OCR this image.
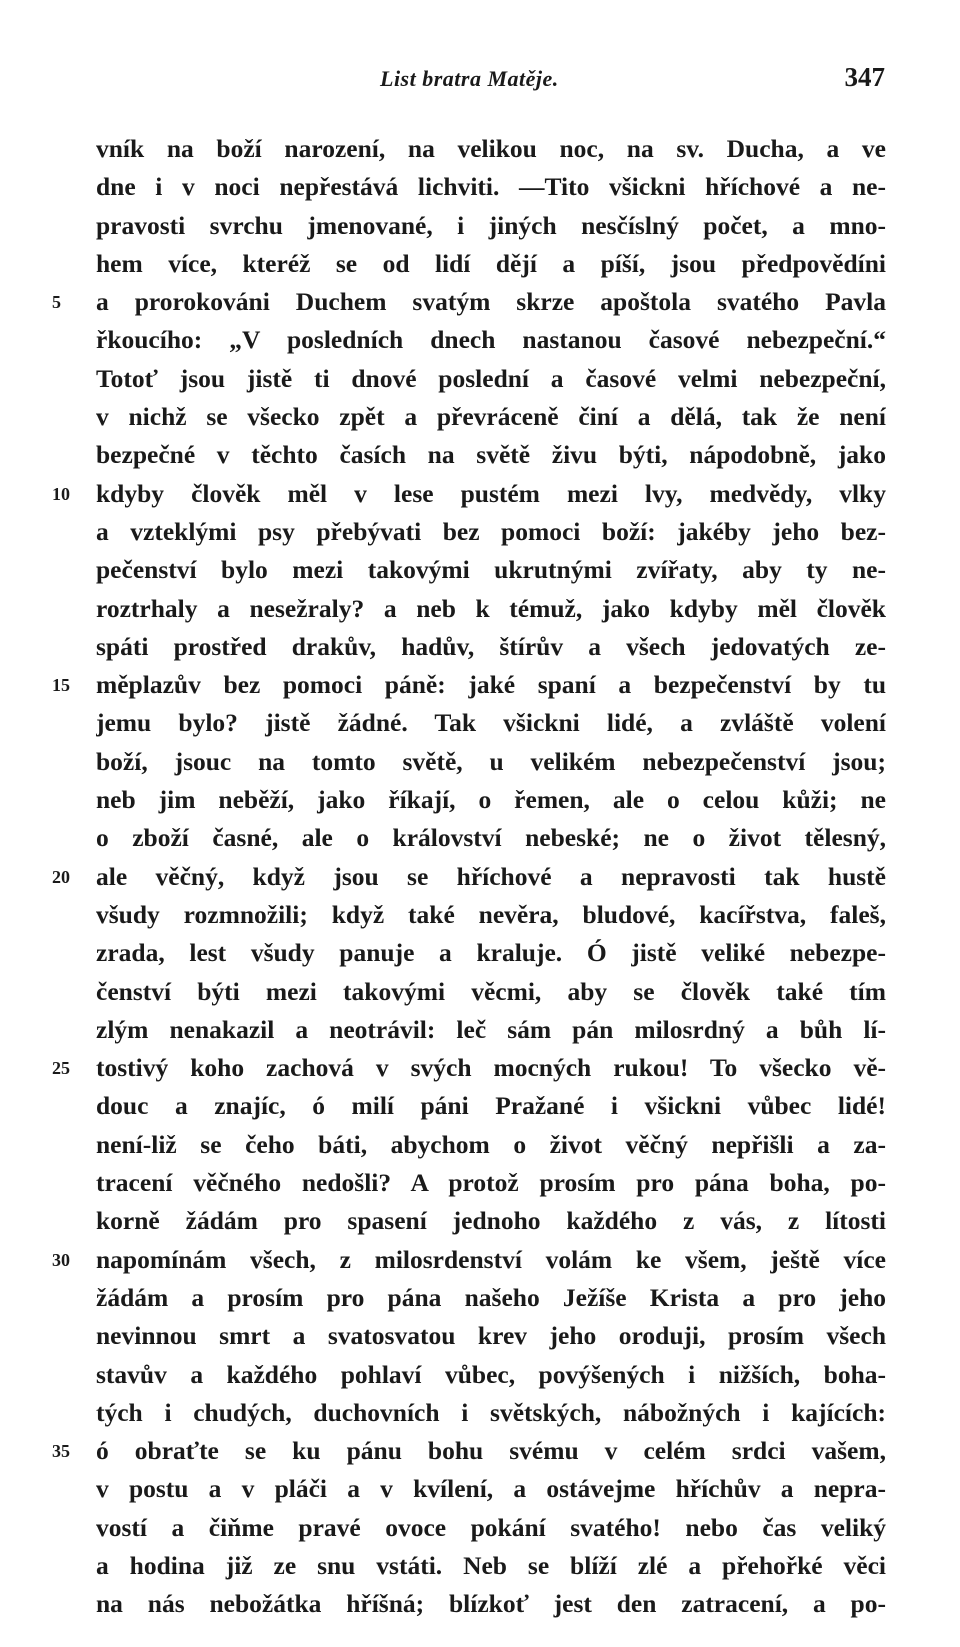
List bratra Matěje.	347
vník na boží narození, na velikou noc, na sv. Ducha, a ve
dne i v noci nepřestává lichviti. —Tito všickni hříchové a ne-
pravosti svrchu jmenované, i jiných nesčíslný počet, a mno-
hem více, kteréž se od lidí dějí a píší, jsou předpovědíni
5	a prorokováni Duchem svatým skrze apoštola svatého Pavla
řkoucího: „V posledních dnech nastanou časové nebezpeční.“
Totoť jsou jistě ti dnové poslední a časové velmi nebezpeční,
v nichž se všecko zpět a převráceně činí a dělá, tak že není
bezpečné v těchto časích na světě živu býti, nápodobně, jako
10	kdyby člověk měl v lese pustém mezi lvy, medvědy, vlky
a vzteklými psy přebývati bez pomoci boží: jakéby jeho bez-
pečenství bylo mezi takovými ukrutnými zvířaty, aby ty ne-
roztrhaly a nesežraly? a neb k témuž, jako kdyby měl člověk
spáti prostřed drakův, hadův, štírův a všech jedovatých ze-
15	měplazův bez pomoci páně: jaké spaní a bezpečenství by tu
jemu bylo? jistě žádné. Tak všickni lidé, a zvláště volení
boží, jsouc na tomto světě, u velikém nebezpečenství jsou;
neb jim neběží, jako říkají, o řemen, ale o celou kůži; ne
o zboží časné, ale o království nebeské; ne o život tělesný,
20	ale věčný, když jsou se hříchové a nepravosti tak hustě
všudy rozmnožili; když také nevěra, bludové, kacířstva, faleš,
zrada, lest všudy panuje a kraluje. Ó jistě veliké nebezpe-
čenství býti mezi takovými věcmi, aby se člověk také tím
zlým nenakazil a neotrávil: leč sám pán milosrdný a bůh lí-
25	tostivý koho zachová v svých mocných rukou! To všecko vě-
douc a znajíc, ó milí páni Pražané i všickni vůbec lidé!
není-liž se čeho báti, abychom o život věčný nepřišli a za-
tracení věčného nedošli? A protož prosím pro pána boha, po-
korně žádám pro spasení jednoho každého z vás, z lítosti
30	napomínám všech, z milosrdenství volám ke všem, ještě více
žádám a prosím pro pána našeho Ježíše Krista a pro jeho
nevinnou smrt a svatosvatou krev jeho oroduji, prosím všech
stavův a každého pohlaví vůbec, povýšených i nižších, boha-
tých i chudých, duchovních i světských, nábožných i kajících:
35	ó obraťte se ku pánu bohu svému v celém srdci vašem,
v postu a v pláči a v kvílení, a ostávejme hříchův a nepra-
vostí a čiňme pravé ovoce pokání svatého! nebo čas veliký
a hodina již ze snu vstáti. Neb se blíží zlé a přehořké věci
na nás nebožátka hříšná; blízkoť jest den zatracení, a po-
